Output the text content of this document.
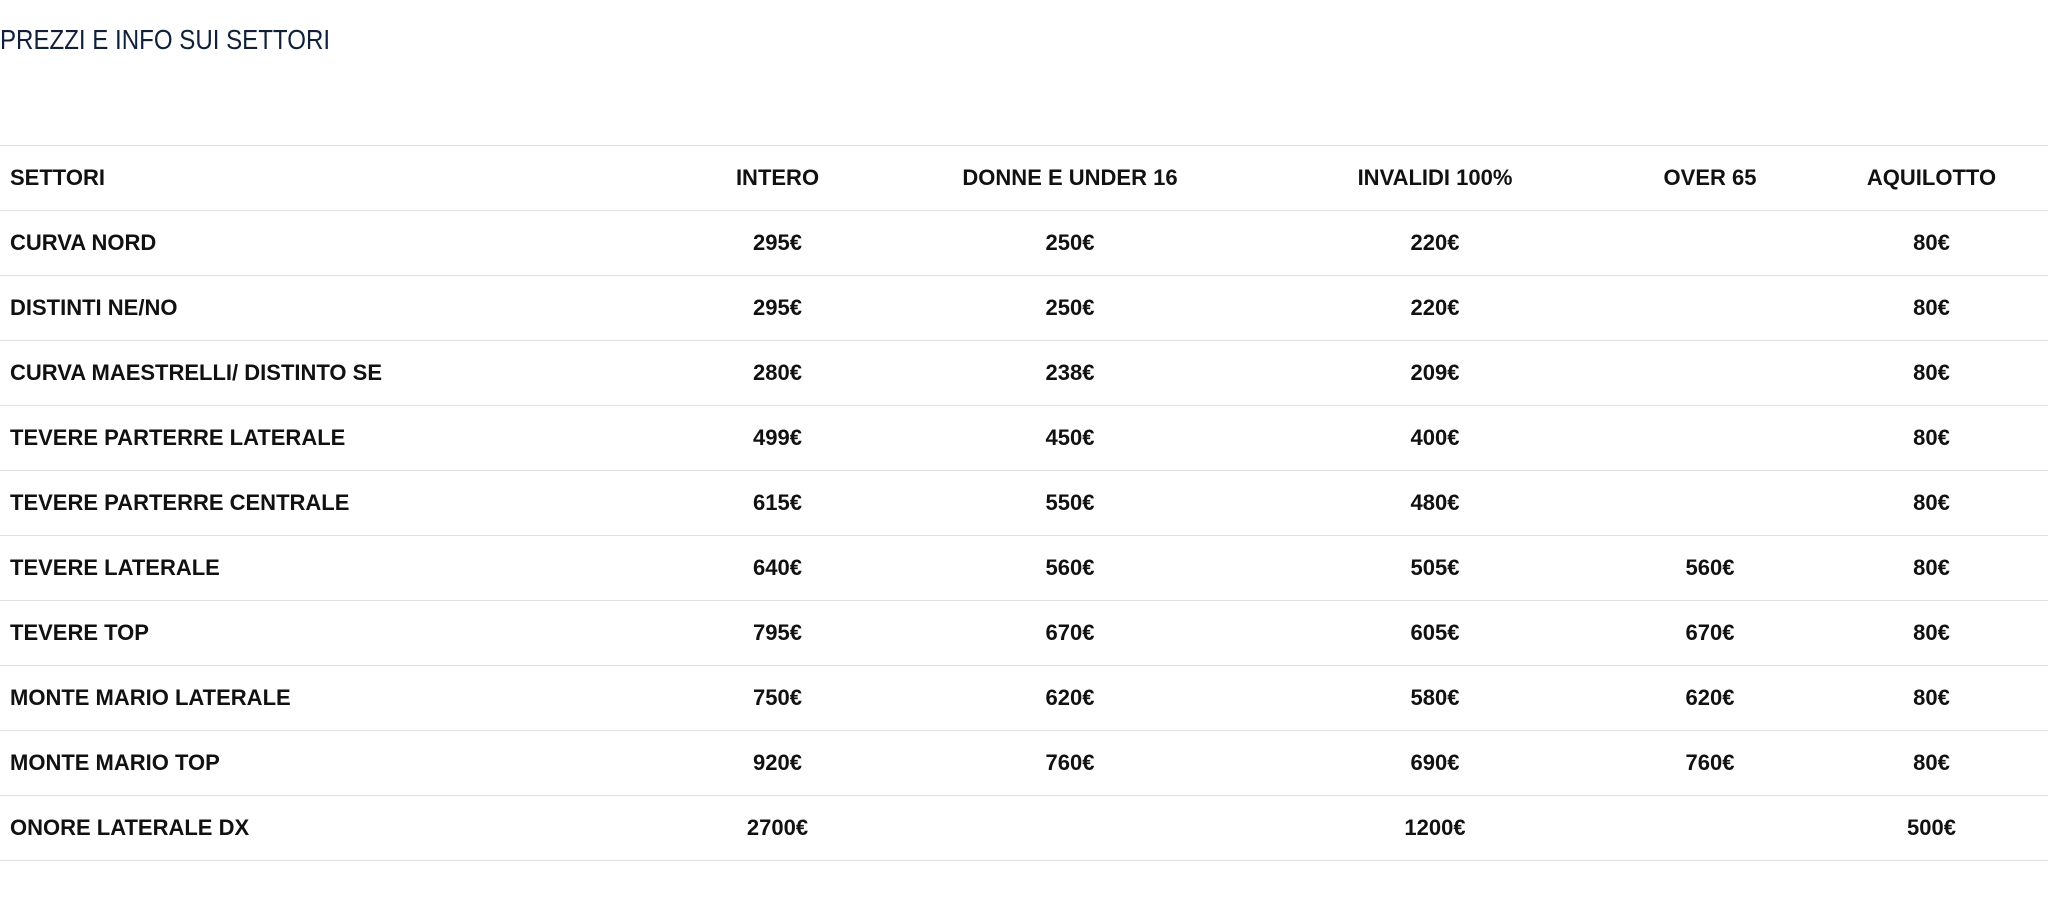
PREZZI E INFO SUI SETTORI
SETTORI	INTERO	DONNE E UNDER 16	INVALIDI 100%	OVER 65	AQUILOTTO
CURVA NORD	295€	250€	220€		80€
DISTINTI NE/NO	295€	250€	220€		80€
CURVA MAESTRELLI/ DISTINTO SE	280€	238€	209€		80€
TEVERE PARTERRE LATERALE	499€	450€	400€		80€
TEVERE PARTERRE CENTRALE	615€	550€	480€		80€
TEVERE LATERALE	640€	560€	505€	560€	80€
TEVERE TOP	795€	670€	605€	670€	80€
MONTE MARIO LATERALE	750€	620€	580€	620€	80€
MONTE MARIO TOP	920€	760€	690€	760€	80€
ONORE LATERALE DX	2700€		1200€		500€
